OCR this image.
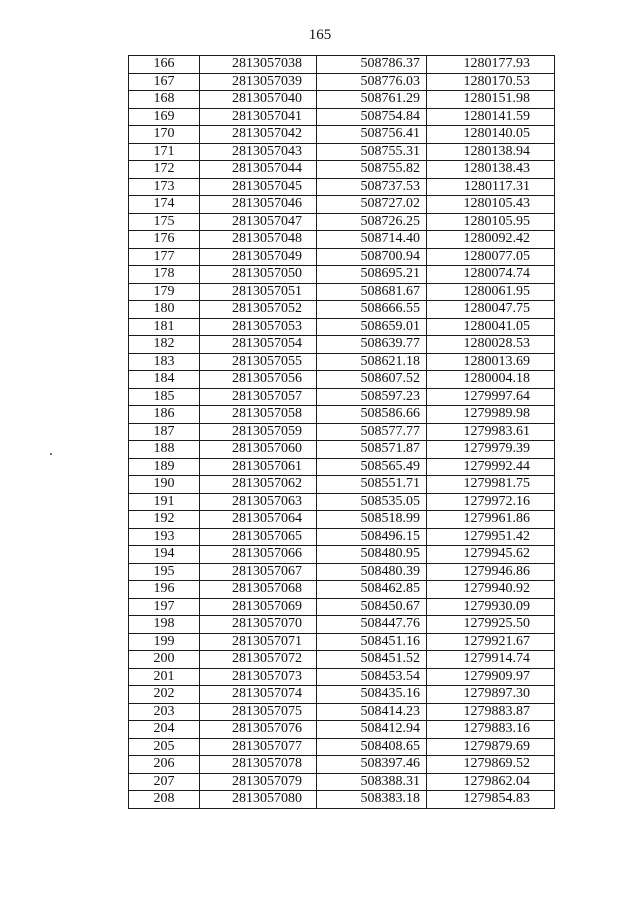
165
166	2813057038	508786.37	1280177.93
167	2813057039	508776.03	1280170.53
168	2813057040	508761.29	1280151.98
169	2813057041	508754.84	1280141.59
170	2813057042	508756.41	1280140.05
171	2813057043	508755.31	1280138.94
172	2813057044	508755.82	1280138.43
173	2813057045	508737.53	1280117.31
174	2813057046	508727.02	1280105.43
175	2813057047	508726.25	1280105.95
176	2813057048	508714.40	1280092.42
177	2813057049	508700.94	1280077.05
178	2813057050	508695.21	1280074.74
179	2813057051	508681.67	1280061.95
180	2813057052	508666.55	1280047.75
181	2813057053	508659.01	1280041.05
182	2813057054	508639.77	1280028.53
183	2813057055	508621.18	1280013.69
184	2813057056	508607.52	1280004.18
185	2813057057	508597.23	1279997.64
186	2813057058	508586.66	1279989.98
187	2813057059	508577.77	1279983.61
188	2813057060	508571.87	1279979.39
189	2813057061	508565.49	1279992.44
190	2813057062	508551.71	1279981.75
191	2813057063	508535.05	1279972.16
192	2813057064	508518.99	1279961.86
193	2813057065	508496.15	1279951.42
194	2813057066	508480.95	1279945.62
195	2813057067	508480.39	1279946.86
196	2813057068	508462.85	1279940.92
197	2813057069	508450.67	1279930.09
198	2813057070	508447.76	1279925.50
199	2813057071	508451.16	1279921.67
200	2813057072	508451.52	1279914.74
201	2813057073	508453.54	1279909.97
202	2813057074	508435.16	1279897.30
203	2813057075	508414.23	1279883.87
204	2813057076	508412.94	1279883.16
205	2813057077	508408.65	1279879.69
206	2813057078	508397.46	1279869.52
207	2813057079	508388.31	1279862.04
208	2813057080	508383.18	1279854.83
